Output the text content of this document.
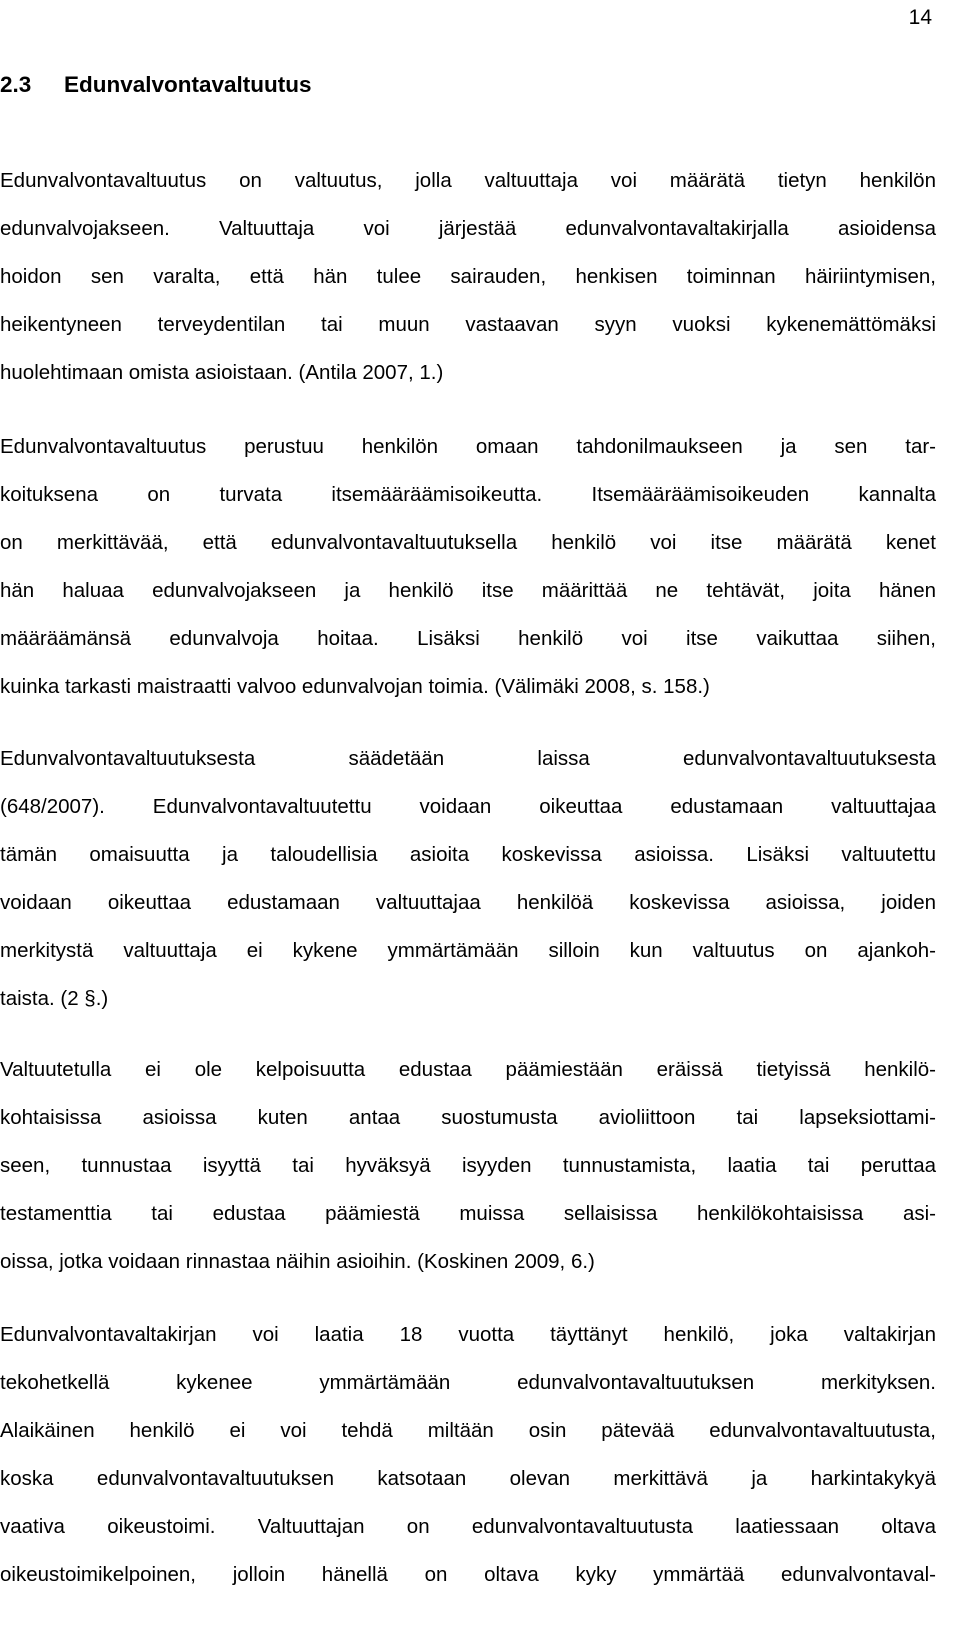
14
2.3 Edunvalvontavaltuutus
Edunvalvontavaltuutus on valtuutus, jolla valtuuttaja voi määrätä tietyn henkilön
edunvalvojakseen. Valtuuttaja voi järjestää edunvalvontavaltakirjalla asioidensa
hoidon sen varalta, että hän tulee sairauden, henkisen toiminnan häiriintymisen,
heikentyneen terveydentilan tai muun vastaavan syyn vuoksi kykenemättömäksi
huolehtimaan omista asioistaan. (Antila 2007, 1.)
Edunvalvontavaltuutus perustuu henkilön omaan tahdonilmaukseen ja sen tar-
koituksena on turvata itsemääräämisoikeutta. Itsemääräämisoikeuden kannalta
on merkittävää, että edunvalvontavaltuutuksella henkilö voi itse määrätä kenet
hän haluaa edunvalvojakseen ja henkilö itse määrittää ne tehtävät, joita hänen
määräämänsä edunvalvoja hoitaa. Lisäksi henkilö voi itse vaikuttaa siihen,
kuinka tarkasti maistraatti valvoo edunvalvojan toimia. (Välimäki 2008, s. 158.)
Edunvalvontavaltuutuksesta säädetään laissa edunvalvontavaltuutuksesta
(648/2007). Edunvalvontavaltuutettu voidaan oikeuttaa edustamaan valtuuttajaa
tämän omaisuutta ja taloudellisia asioita koskevissa asioissa. Lisäksi valtuutettu
voidaan oikeuttaa edustamaan valtuuttajaa henkilöä koskevissa asioissa, joiden
merkitystä valtuuttaja ei kykene ymmärtämään silloin kun valtuutus on ajankoh-
taista. (2 §.)
Valtuutetulla ei ole kelpoisuutta edustaa päämiestään eräissä tietyissä henkilö-
kohtaisissa asioissa kuten antaa suostumusta avioliittoon tai lapseksiottami-
seen, tunnustaa isyyttä tai hyväksyä isyyden tunnustamista, laatia tai peruttaa
testamenttia tai edustaa päämiestä muissa sellaisissa henkilökohtaisissa asi-
oissa, jotka voidaan rinnastaa näihin asioihin. (Koskinen 2009, 6.)
Edunvalvontavaltakirjan voi laatia 18 vuotta täyttänyt henkilö, joka valtakirjan
tekohetkellä kykenee ymmärtämään edunvalvontavaltuutuksen merkityksen.
Alaikäinen henkilö ei voi tehdä miltään osin pätevää edunvalvontavaltuutusta,
koska edunvalvontavaltuutuksen katsotaan olevan merkittävä ja harkintakykyä
vaativa oikeustoimi. Valtuuttajan on edunvalvontavaltuutusta laatiessaan oltava
oikeustoimikelpoinen, jolloin hänellä on oltava kyky ymmärtää edunvalvontaval-
